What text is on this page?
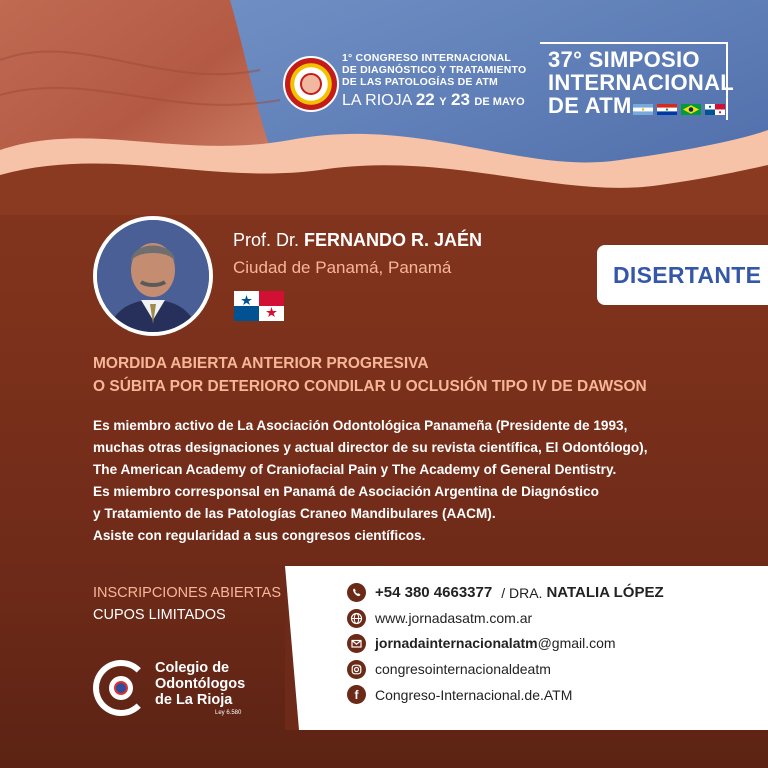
1° CONGRESO INTERNACIONAL
DE DIAGNÓSTICO Y TRATAMIENTO
DE LAS PATOLOGÍAS DE ATM
LA RIOJA 22 Y 23 DE MAYO
37° SIMPOSIO
INTERNACIONAL
DE ATM
Prof. Dr. FERNANDO R. JAÉN
Ciudad de Panamá, Panamá	DISERTANTE
MORDIDA ABIERTA ANTERIOR PROGRESIVA
O SÚBITA POR DETERIORO CONDILAR U OCLUSIÓN TIPO IV DE DAWSON
Es miembro activo de La Asociación Odontológica Panameña (Presidente de 1993,
muchas otras designaciones y actual director de su revista científica, El Odontólogo),
The American Academy of Craniofacial Pain y The Academy of General Dentistry.
Es miembro corresponsal en Panamá de Asociación Argentina de Diagnóstico
y Tratamiento de las Patologías Craneo Mandibulares (AACM).
Asiste con regularidad a sus congresos científicos.
INSCRIPCIONES ABIERTAS
CUPOS LIMITADOS
Colegio de
Odontólogos
de La Rioja
Ley 6.580
+54 380 4663377 / DRA. NATALIA LÓPEZ
www.jornadasatm.com.ar
jornadainternacionalatm@gmail.com
congresointernacionaldeatm
f	Congreso-Internacional.de.ATM
